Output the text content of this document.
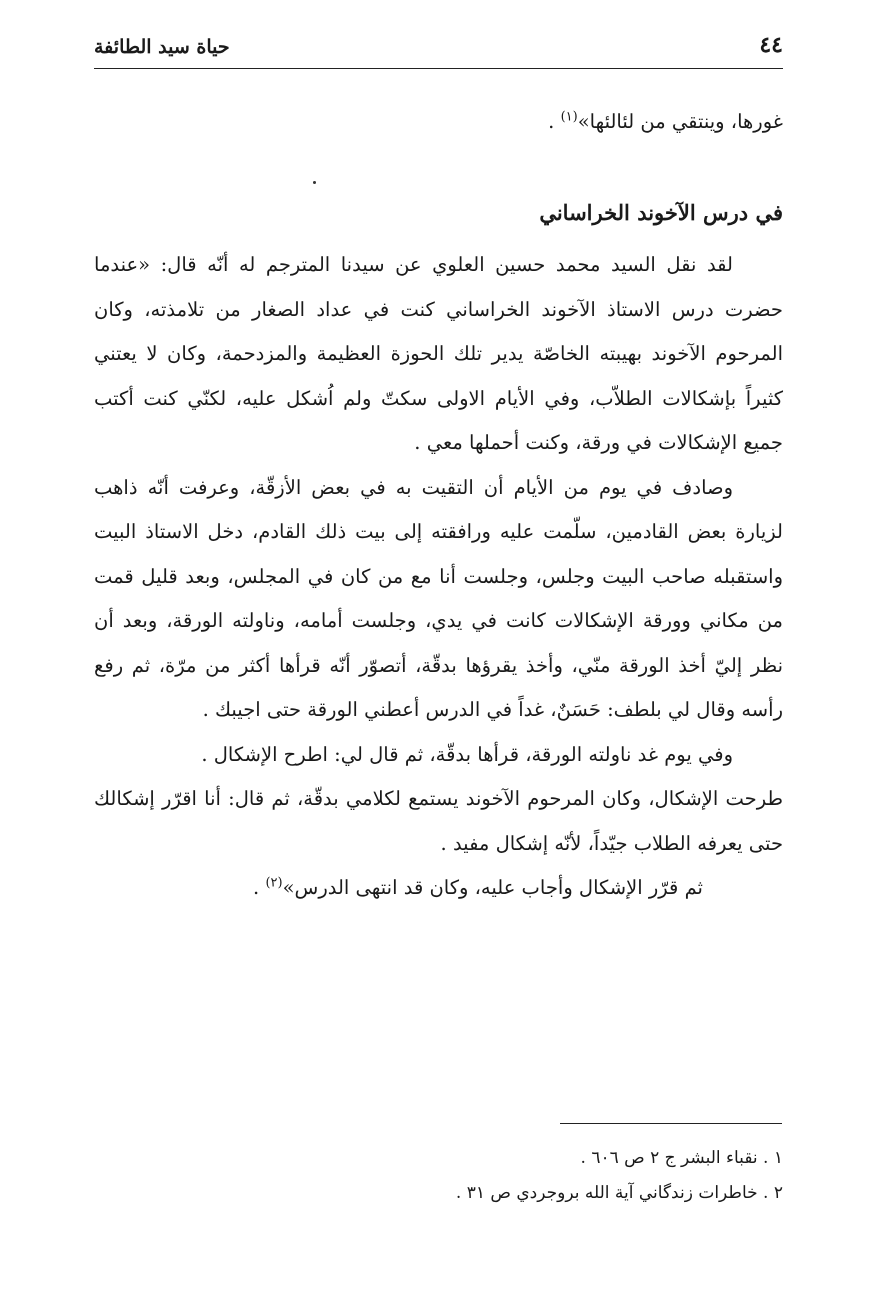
٤٤
حياة سيد الطائفة

غورها، وينتقي من لئالئها»$^{(١)}$ .

في درس الآخوند الخراساني

لقد نقل السيد محمد حسين العلوي عن سيدنا المترجم له أنّه قال: «عندما حضرت درس الاستاذ الآخوند الخراساني كنت في عداد الصغار من تلامذته، وكان المرحوم الآخوند بهيبته الخاصّة يدير تلك الحوزة العظيمة والمزدحمة، وكان لا يعتني كثيراً بإشكالات الطلاّب، وفي الأيام الاولى سكتّ ولم اُشكل عليه، لكنّي كنت أكتب جميع الإشكالات في ورقة، وكنت أحملها معي .

وصادف في يوم من الأيام أن التقيت به في بعض الأزقّة، وعرفت أنّه ذاهب لزيارة بعض القادمين، سلّمت عليه ورافقته إلى بيت ذلك القادم، دخل الاستاذ البيت واستقبله صاحب البيت وجلس، وجلست أنا مع من كان في المجلس، وبعد قليل قمت من مكاني وورقة الإشكالات كانت في يدي، وجلست أمامه، وناولته الورقة، وبعد أن نظر إليّ أخذ الورقة منّي، وأخذ يقرؤها بدقّة، أتصوّر أنّه قرأها أكثر من مرّة، ثم رفع رأسه وقال لي بلطف: حَسَنٌ، غداً في الدرس أعطني الورقة حتى اجيبك .

وفي يوم غد ناولته الورقة، قرأها بدقّة، ثم قال لي: اطرح الإشكال .

طرحت الإشكال، وكان المرحوم الآخوند يستمع لكلامي بدقّة، ثم قال: أنا اقرّر إشكالك حتى يعرفه الطلاب جيّداً، لأنّه إشكال مفيد .

ثم قرّر الإشكال وأجاب عليه، وكان قد انتهى الدرس»$^{(٢)}$ .

١ . نقباء البشر ج ٢ ص ٦٠٦ .
٢ . خاطرات زندگاني آية الله بروجردي ص ٣١ .
